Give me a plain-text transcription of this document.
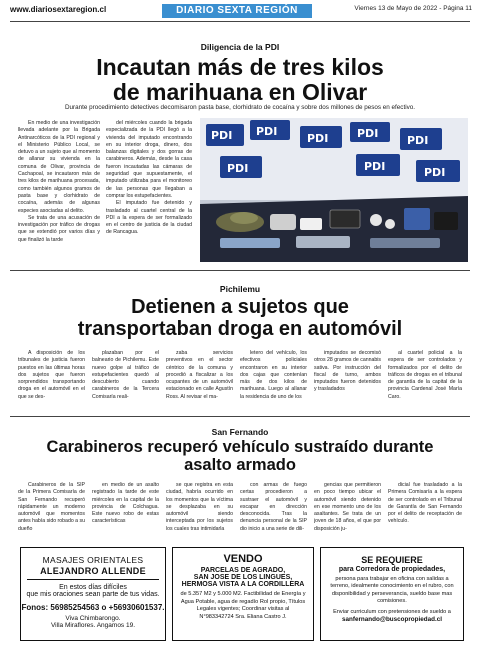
www.diariosextaregion.cl	DIARIO SEXTA REGIÓN	Viernes 13 de Mayo de 2022 - Página 11
Diligencia de la PDI
Incautan más de tres kilos
de marihuana en Olivar
Durante procedimiento detectives decomisaron pasta base, clorhidrato de cocaína y sobre dos millones de pesos en efectivo.

En medio de una investigación llevada adelante por la Brigada Antinarcóticos de la PDI regional y el Ministerio Público Local, se detuvo a un sujeto que al momento de allanar su vivienda en la comuna de Olivar, provincia de Cachapoal, se incautaron más de tres kilos de marihuana procesada, como también algunos gramos de pasta base y clorhidrato de cocaína, además de algunas especies asociadas al delito.

Se trata de una acusación de investigación por tráfico de drogas que se extendió por varios días y que finalizó la tarde

del miércoles cuando la brigada especializada de la PDI llegó a la vivienda del imputado encontrando en su interior droga, dinero, dos balanzas digitales y dos gorras de carabineros. Además, desde la casa fueron incautadas las cámaras de seguridad que supuestamente, el imputado utilizaba para el monitoreo de las personas que llegaban a comprar los estupefacientes.

El imputado fue detenido y trasladado al cuartel central de la PDI a la espera de ser formalizado en el centro de justicia de la ciudad de Rancagua.

PDI PDI
PDI	PDI
PDI
PDI	PDI	PDI
Pichilemu
Detienen a sujetos que
transportaban droga en automóvil

A disposición de los tribunales de justicia fueron puestos en las últimas horas dos sujetos que fueron sorprendidos transportando droga en el automóvil en el que se des-

plazaban por el balneario de Pichilemu. Este nuevo golpe al tráfico de estupefacientes quedó al descubierto cuando carabineros de la Tercera Comisaría reali-

zaba servicios preventivos en el sector céntrico de la comuna y procedió a fiscalizar a los ocupantes de un automóvil estacionado en calle Agustín Ross. Al revisar el ma-

letero del vehículo, los efectivos policiales encontraron en su interior dos cajas que contenían más de dos kilos de marihuana. Luego al allanar la residencia de uno de los

imputados se decomisó otros 28 gramos de cannabis sativa. Por instrucción del fiscal de turno, ambos imputados fueron detenidos y trasladados

al cuartel policial a la espera de ser controlados y formalizados por el delito de tráficos de drogas en el tribunal de garantía de la capital de la provincia Cardenal José María Caro.

San Fernando
Carabineros recuperó vehículo sustraído durante
asalto armado

Carabineros de la SIP de la Primera Comisaría de San Fernando recuperó rápidamente un moderno automóvil que momentos antes había sido robado a su dueño

en medio de un asalto registrado la tarde de este miércoles en la capital de la provincia de Colchagua. Este nuevo robo de estas características

se que registra en esta ciudad, habría ocurrido en los momentos que la víctima se desplazaba en su automóvil siendo interceptada por los sujetos los cuales tras intimidarla

con armas de fuego certas procedieron a sustraer el automóvil y escapar en dirección desconocida. Tras la denuncia personal de la SIP dio inicio a una serie de dili-

gencias que permitieron en poco tiempo ubicar el automóvil siendo detenido en ese momento uno de los asaltantes. Se trata de un joven de 18 años, el que por disposición ju-

dicial fue trasladado a la Primera Comisaría a la espera de ser controlado en el Tribunal de Garantía de San Fernando por el delito de receptación de vehículo.

MASAJES ORIENTALES
ALEJANDRO ALLENDE
En estos días difíciles
que mis oraciones sean parte de tus vidas.
Fonos: 56985254563 o +56930601537.
Viva Chimbarongo.
Villa Miraflores. Angamos 19.
VENDO
PARCELAS DE AGRADO,
SAN JOSE DE LOS LINGUES,
HERMOSA VISTA A LA CORDILLERA
de 5.357 M2 y 5.000 M2. Factibilidad de Energía y Agua Potable, agua de regadío Rol propio, Títulos Legales vigentes; Coordinar visitas al N°983342724 Sra. Eliana Castro J.
SE REQUIERE
para Corredora de propiedades,
persona para trabajar en oficina con salidas a terreno, idealmente conocimiento en el rubro, con disponibilidad y perseverancia, sueldo base mas comisiones.
Enviar curriculum con pretensiones de sueldo a
sanfernando@buscopropiedad.cl
